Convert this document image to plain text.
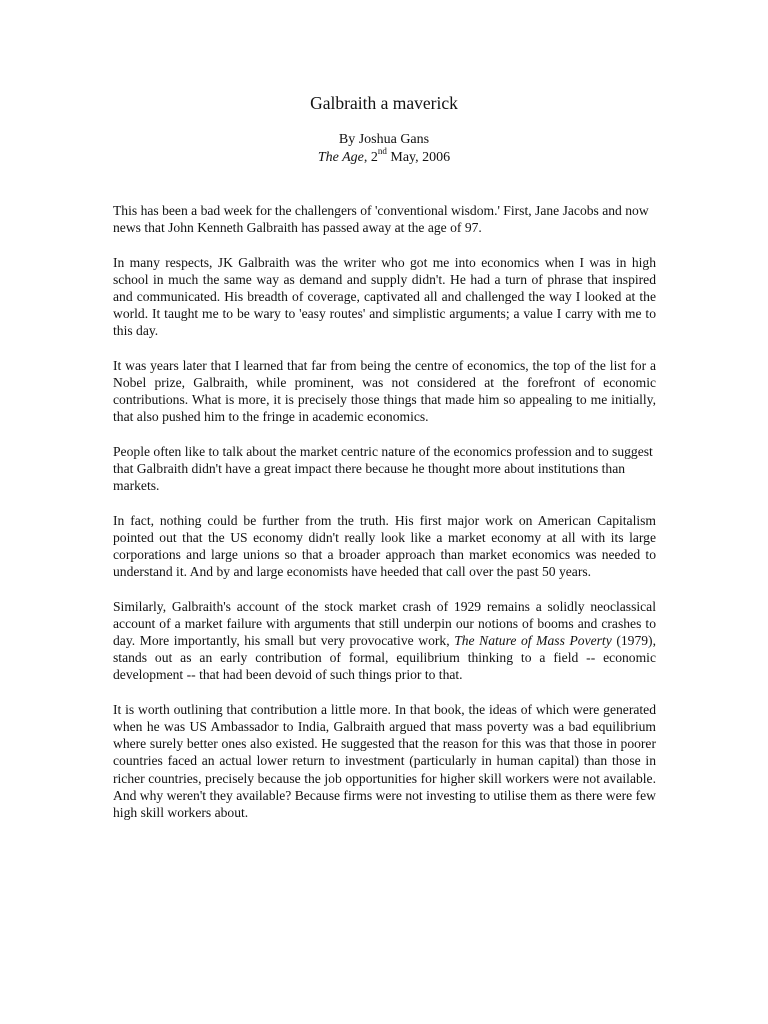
Galbraith a maverick
By Joshua Gans
The Age, 2nd May, 2006

This has been a bad week for the challengers of 'conventional wisdom.' First, Jane Jacobs and now news that John Kenneth Galbraith has passed away at the age of 97.

In many respects, JK Galbraith was the writer who got me into economics when I was in high school in much the same way as demand and supply didn't. He had a turn of phrase that inspired and communicated. His breadth of coverage, captivated all and challenged the way I looked at the world. It taught me to be wary to 'easy routes' and simplistic arguments; a value I carry with me to this day.

It was years later that I learned that far from being the centre of economics, the top of the list for a Nobel prize, Galbraith, while prominent, was not considered at the forefront of economic contributions. What is more, it is precisely those things that made him so appealing to me initially, that also pushed him to the fringe in academic economics.

People often like to talk about the market centric nature of the economics profession and to suggest that Galbraith didn't have a great impact there because he thought more about institutions than markets.

In fact, nothing could be further from the truth. His first major work on American Capitalism pointed out that the US economy didn't really look like a market economy at all with its large corporations and large unions so that a broader approach than market economics was needed to understand it. And by and large economists have heeded that call over the past 50 years.

Similarly, Galbraith's account of the stock market crash of 1929 remains a solidly neoclassical account of a market failure with arguments that still underpin our notions of booms and crashes to day. More importantly, his small but very provocative work, The Nature of Mass Poverty (1979), stands out as an early contribution of formal, equilibrium thinking to a field -- economic development -- that had been devoid of such things prior to that.

It is worth outlining that contribution a little more. In that book, the ideas of which were generated when he was US Ambassador to India, Galbraith argued that mass poverty was a bad equilibrium where surely better ones also existed. He suggested that the reason for this was that those in poorer countries faced an actual lower return to investment (particularly in human capital) than those in richer countries, precisely because the job opportunities for higher skill workers were not available. And why weren't they available? Because firms were not investing to utilise them as there were few high skill workers about.
